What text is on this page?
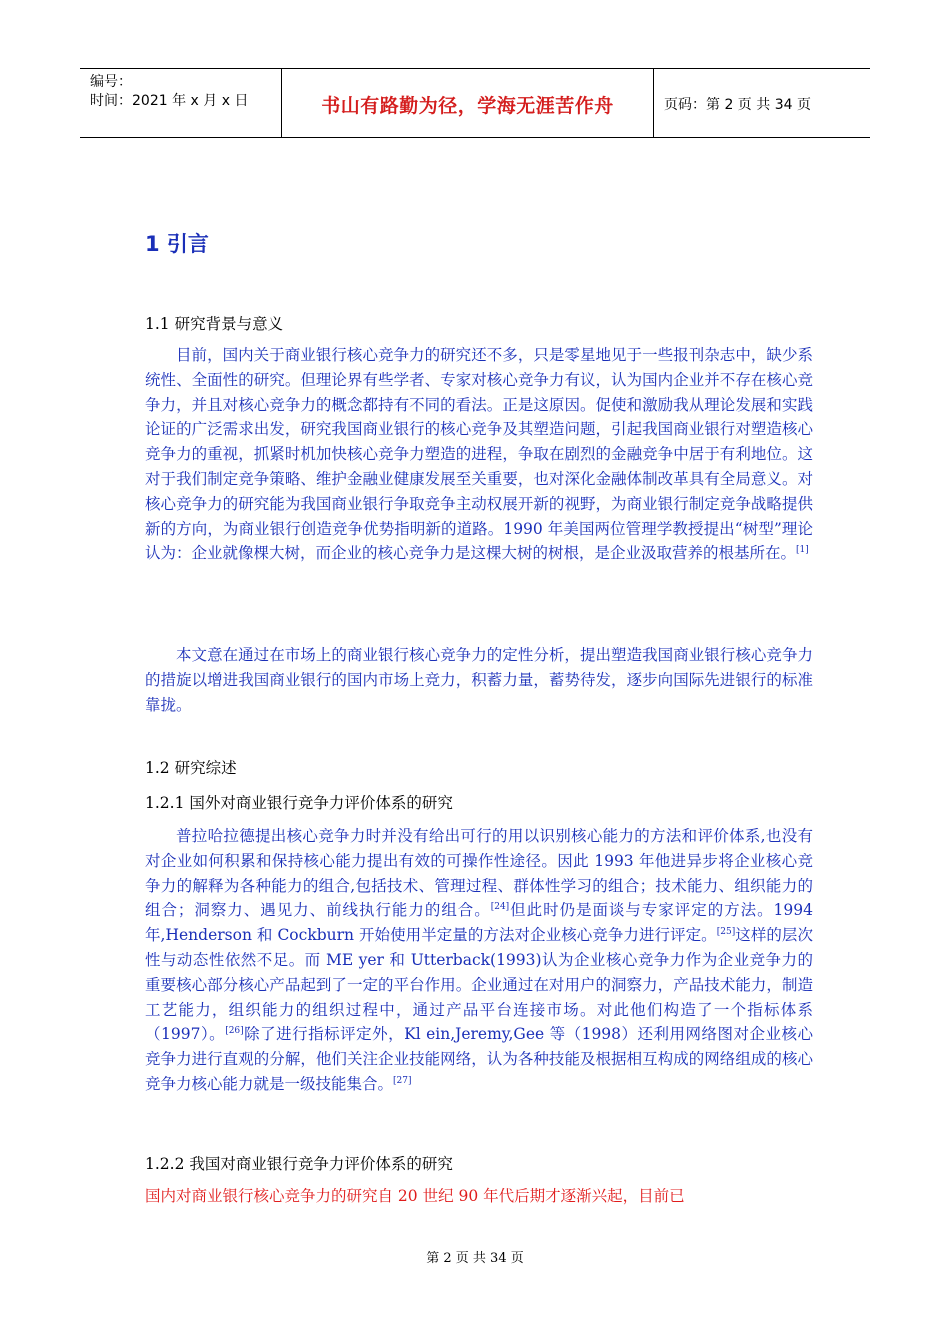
编号：
时间：2021 年 x 月 x 日	书山有路勤为径，学海无涯苦作舟	页码：第 2 页 共 34 页
1 引言
1.1 研究背景与意义
目前，国内关于商业银行核心竞争力的研究还不多，只是零星地见于一些报刊杂志中，缺少系统性、全面性的研究。但理论界有些学者、专家对核心竞争力有议，认为国内企业并不存在核心竞争力，并且对核心竞争力的概念都持有不同的看法。正是这原因。促使和激励我从理论发展和实践论证的广泛需求出发，研究我国商业银行的核心竞争及其塑造问题，引起我国商业银行对塑造核心竞争力的重视，抓紧时机加快核心竞争力塑造的进程，争取在剧烈的金融竞争中居于有利地位。这对于我们制定竞争策略、维护金融业健康发展至关重要，也对深化金融体制改革具有全局意义。对核心竞争力的研究能为我国商业银行争取竞争主动权展开新的视野，为商业银行制定竞争战略提供新的方向，为商业银行创造竞争优势指明新的道路。1990 年美国两位管理学教授提出“树型”理论认为：企业就像棵大树，而企业的核心竞争力是这棵大树的树根，是企业汲取营养的根基所在。[1]
本文意在通过在市场上的商业银行核心竞争力的定性分析，提出塑造我国商业银行核心竞争力的措旋以增进我国商业银行的国内市场上竞力，积蓄力量，蓄势待发，逐步向国际先进银行的标准靠拢。
1.2 研究综述
1.2.1 国外对商业银行竞争力评价体系的研究
普拉哈拉德提出核心竞争力时并没有给出可行的用以识别核心能力的方法和评价体系,也没有对企业如何积累和保持核心能力提出有效的可操作性途径。因此 1993 年他进异步将企业核心竞争力的解释为各种能力的组合,包括技术、管理过程、群体性学习的组合；技术能力、组织能力的组合；洞察力、遇见力、前线执行能力的组合。[24]但此时仍是面谈与专家评定的方法。1994 年,Henderson 和 Cockburn 开始使用半定量的方法对企业核心竞争力进行评定。[25]这样的层次性与动态性依然不足。而 ME yer 和 Utterback(1993)认为企业核心竞争力作为企业竞争力的重要核心部分核心产品起到了一定的平台作用。企业通过在对用户的洞察力，产品技术能力，制造工艺能力，组织能力的组织过程中，通过产品平台连接市场。对此他们构造了一个指标体系（1997）。[26]除了进行指标评定外，Kl ein,Jeremy,Gee 等（1998）还利用网络图对企业核心竞争力进行直观的分解，他们关注企业技能网络，认为各种技能及根据相互构成的网络组成的核心竞争力核心能力就是一级技能集合。[27]
1.2.2 我国对商业银行竞争力评价体系的研究
国内对商业银行核心竞争力的研究自 20 世纪 90 年代后期才逐渐兴起，目前已
第 2 页 共 34 页
